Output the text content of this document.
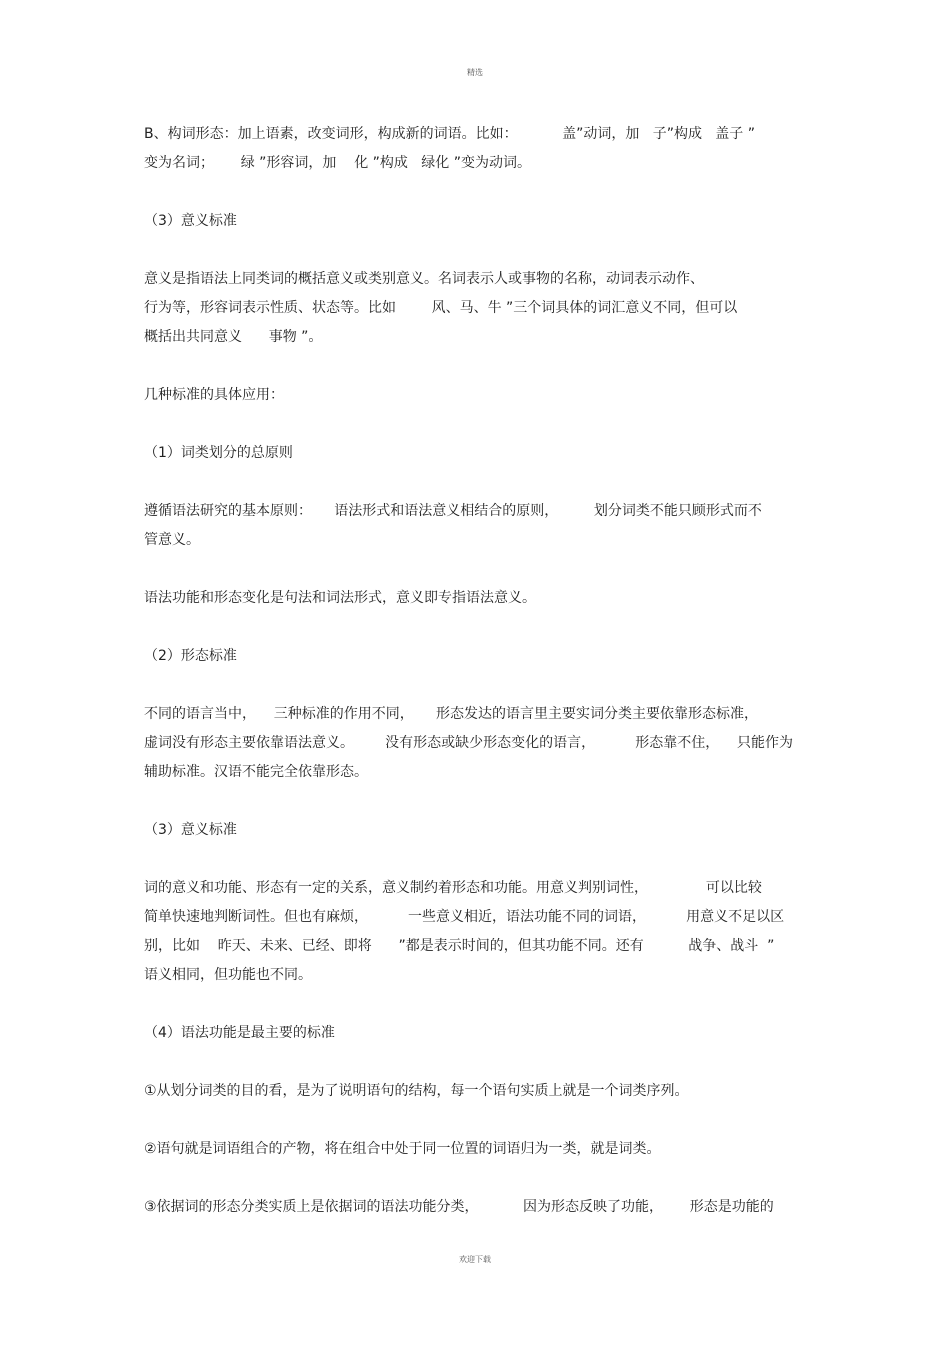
精选
B、构词形态：加上语素，改变词形，构成新的词语。比如：          盖”动词，加   子”构成   盖子 ”
变为名词；      绿 ”形容词，加    化 ”构成   绿化 ”变为动词。
（3）意义标准
意义是指语法上同类词的概括意义或类别意义。名词表示人或事物的名称，动词表示动作、
行为等，形容词表示性质、状态等。比如        风、马、牛 ”三个词具体的词汇意义不同，但可以
概括出共同意义      事物 ”。
几种标准的具体应用：
（1）词类划分的总原则
遵循语法研究的基本原则：     语法形式和语法意义相结合的原则，        划分词类不能只顾形式而不
管意义。
语法功能和形态变化是句法和词法形式，意义即专指语法意义。
（2）形态标准
不同的语言当中，    三种标准的作用不同，     形态发达的语言里主要实词分类主要依靠形态标准，
虚词没有形态主要依靠语法意义。       没有形态或缺少形态变化的语言，         形态靠不住，    只能作为
辅助标准。汉语不能完全依靠形态。
（3）意义标准
词的意义和功能、形态有一定的关系，意义制约着形态和功能。用意义判别词性，             可以比较
简单快速地判断词性。但也有麻烦，         一些意义相近，语法功能不同的词语，         用意义不足以区
别，比如    昨天、未来、已经、即将      ”都是表示时间的，但其功能不同。还有          战争、战斗  ”
语义相同，但功能也不同。
（4）语法功能是最主要的标准
①从划分词类的目的看，是为了说明语句的结构，每一个语句实质上就是一个词类序列。
②语句就是词语组合的产物，将在组合中处于同一位置的词语归为一类，就是词类。
③依据词的形态分类实质上是依据词的语法功能分类，          因为形态反映了功能，      形态是功能的
欢迎下载
